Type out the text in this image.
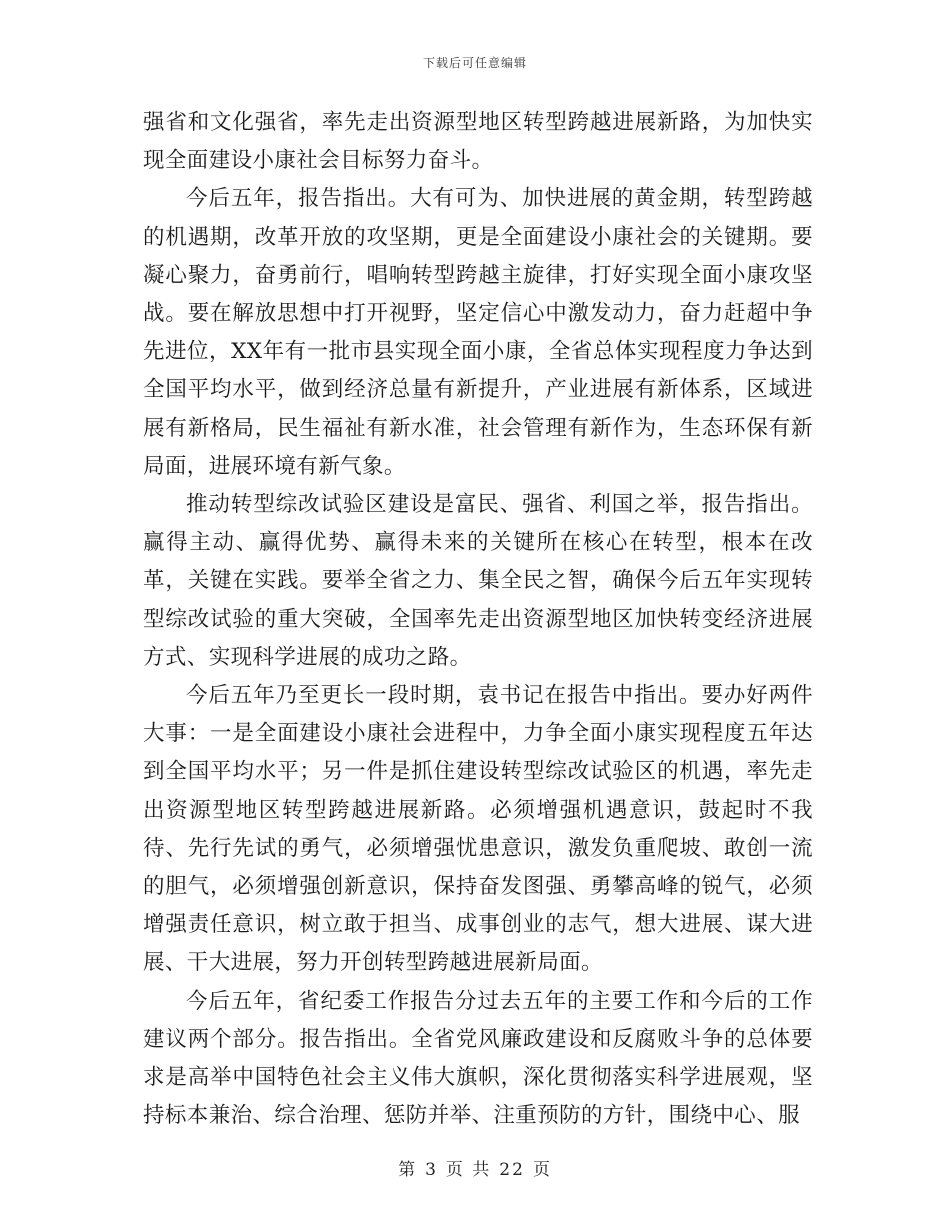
下载后可任意编辑

强省和文化强省，率先走出资源型地区转型跨越进展新路，为加快实现全面建设小康社会目标努力奋斗。

今后五年，报告指出。大有可为、加快进展的黄金期，转型跨越的机遇期，改革开放的攻坚期，更是全面建设小康社会的关键期。要凝心聚力，奋勇前行，唱响转型跨越主旋律，打好实现全面小康攻坚战。要在解放思想中打开视野，坚定信心中激发动力，奋力赶超中争先进位，XX年有一批市县实现全面小康，全省总体实现程度力争达到全国平均水平，做到经济总量有新提升，产业进展有新体系，区域进展有新格局，民生福祉有新水准，社会管理有新作为，生态环保有新局面，进展环境有新气象。

推动转型综改试验区建设是富民、强省、利国之举，报告指出。赢得主动、赢得优势、赢得未来的关键所在核心在转型，根本在改革，关键在实践。要举全省之力、集全民之智，确保今后五年实现转型综改试验的重大突破，全国率先走出资源型地区加快转变经济进展方式、实现科学进展的成功之路。

今后五年乃至更长一段时期，袁书记在报告中指出。要办好两件大事：一是全面建设小康社会进程中，力争全面小康实现程度五年达到全国平均水平；另一件是抓住建设转型综改试验区的机遇，率先走出资源型地区转型跨越进展新路。必须增强机遇意识，鼓起时不我待、先行先试的勇气，必须增强忧患意识，激发负重爬坡、敢创一流的胆气，必须增强创新意识，保持奋发图强、勇攀高峰的锐气，必须增强责任意识，树立敢于担当、成事创业的志气，想大进展、谋大进展、干大进展，努力开创转型跨越进展新局面。

今后五年，省纪委工作报告分过去五年的主要工作和今后的工作建议两个部分。报告指出。全省党风廉政建设和反腐败斗争的总体要求是高举中国特色社会主义伟大旗帜，深化贯彻落实科学进展观，坚持标本兼治、综合治理、惩防并举、注重预防的方针，围绕中心、服

第 3 页 共 22 页
